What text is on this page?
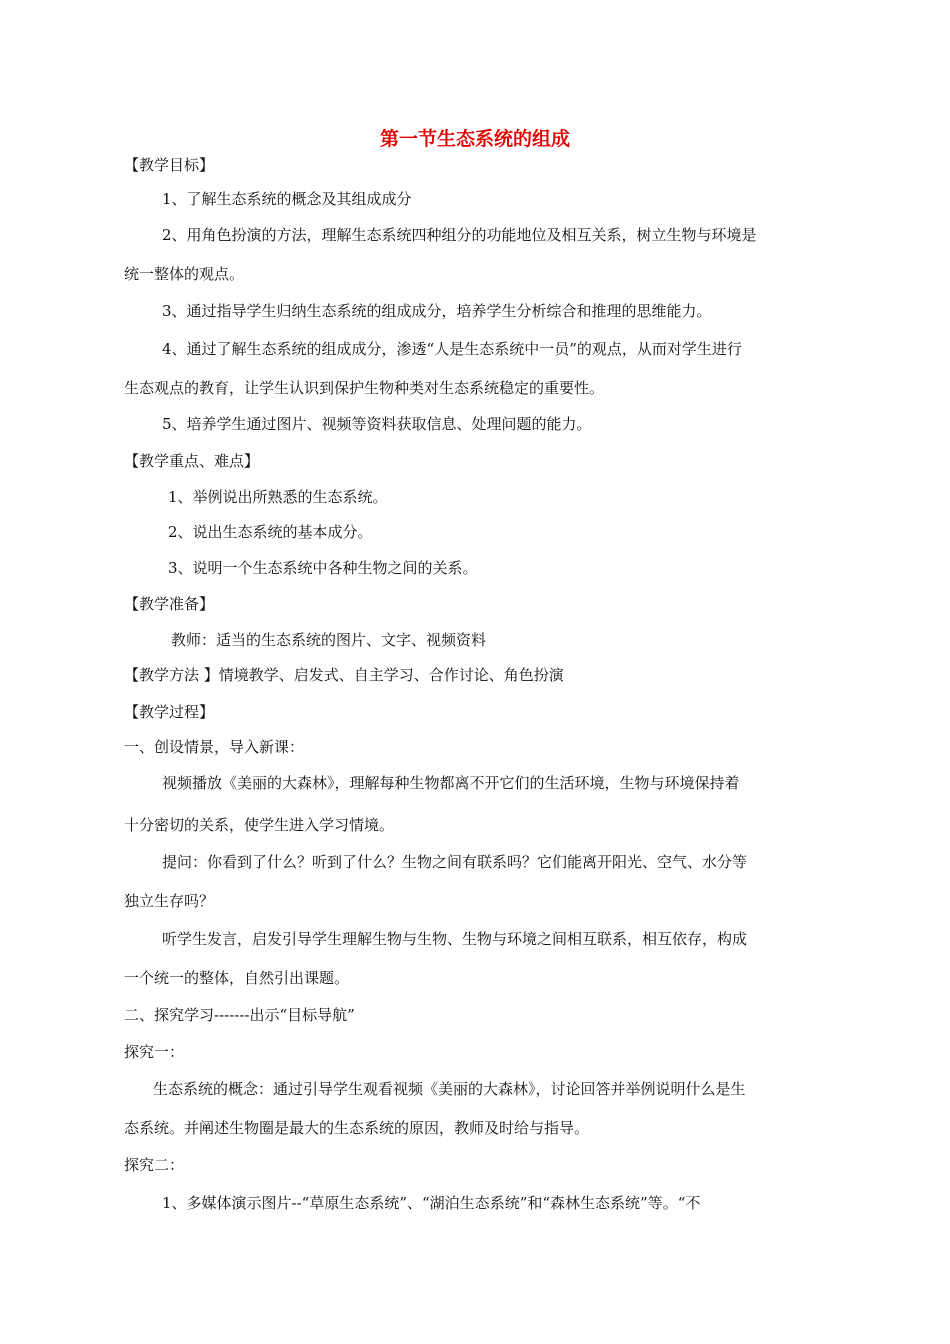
第一节生态系统的组成
【教学目标】
1、了解生态系统的概念及其组成成分
2、用角色扮演的方法，理解生态系统四种组分的功能地位及相互关系，树立生物与环境是
统一整体的观点。
3、通过指导学生归纳生态系统的组成成分，培养学生分析综合和推理的思维能力。
4、通过了解生态系统的组成成分，渗透“人是生态系统中一员”的观点，从而对学生进行
生态观点的教育，让学生认识到保护生物种类对生态系统稳定的重要性。
5、培养学生通过图片、视频等资料获取信息、处理问题的能力。
【教学重点、难点】
1、举例说出所熟悉的生态系统。
2、说出生态系统的基本成分。
3、说明一个生态系统中各种生物之间的关系。
【教学准备】
教师：适当的生态系统的图片、文字、视频资料
【教学方法 】情境教学、启发式、自主学习、合作讨论、角色扮演
【教学过程】
一、创设情景，导入新课：
视频播放《美丽的大森林》，理解每种生物都离不开它们的生活环境，生物与环境保持着
十分密切的关系，使学生进入学习情境。
提问：你看到了什么？听到了什么？生物之间有联系吗？它们能离开阳光、空气、水分等
独立生存吗？
听学生发言，启发引导学生理解生物与生物、生物与环境之间相互联系，相互依存，构成
一个统一的整体，自然引出课题。
二、探究学习-------出示“目标导航”
探究一：
生态系统的概念：通过引导学生观看视频《美丽的大森林》，讨论回答并举例说明什么是生
态系统。并阐述生物圈是最大的生态系统的原因，教师及时给与指导。
探究二：
1、多媒体演示图片--“草原生态系统”、“湖泊生态系统”和“森林生态系统”等。“不
